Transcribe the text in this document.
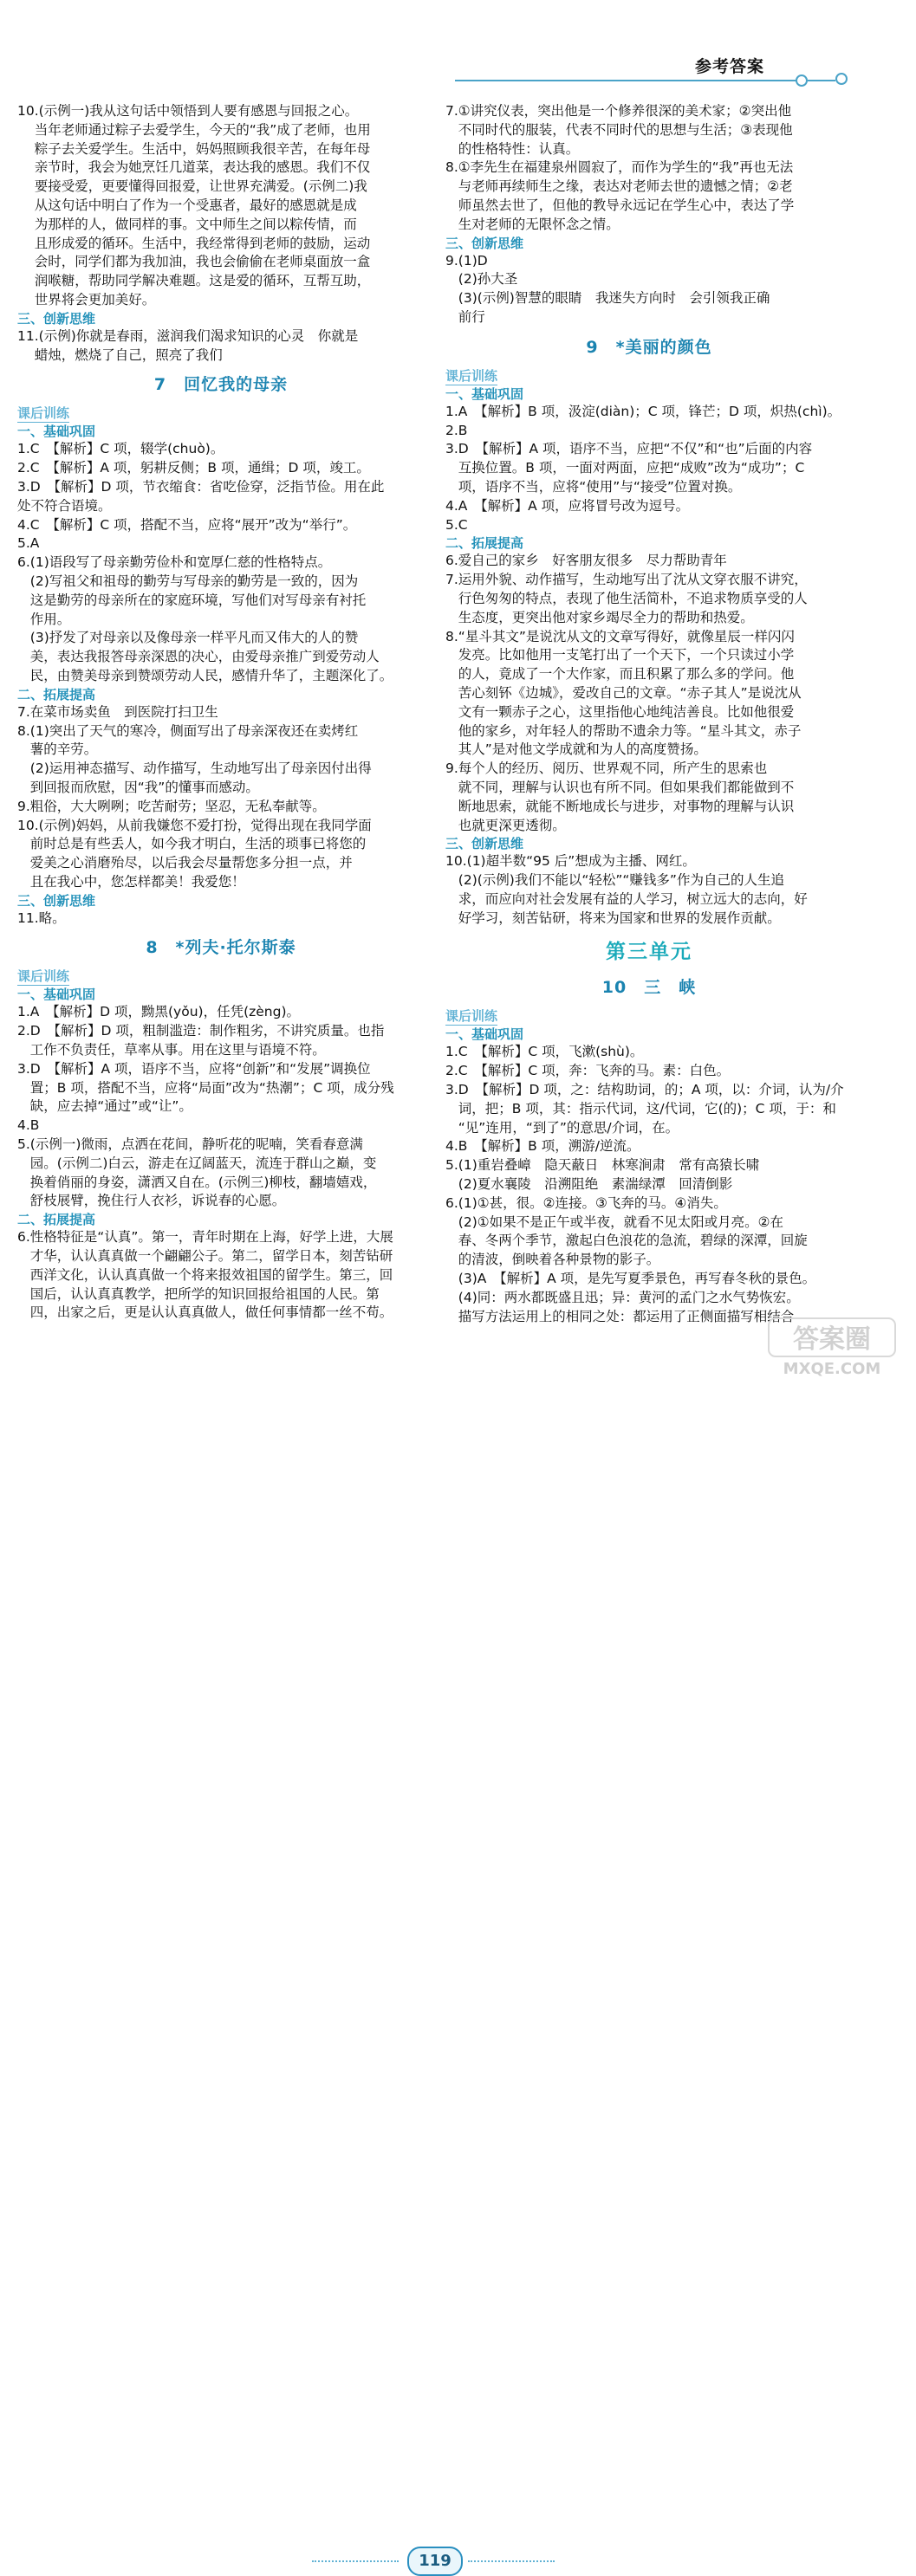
参考答案
10.(示例一)我从这句话中领悟到人要有感恩与回报之心。
当年老师通过粽子去爱学生，今天的“我”成了老师，也用
粽子去关爱学生。生活中，妈妈照顾我很辛苦，在每年母
亲节时，我会为她烹饪几道菜，表达我的感恩。我们不仅
要接受爱，更要懂得回报爱，让世界充满爱。(示例二)我
从这句话中明白了作为一个受惠者，最好的感恩就是成
为那样的人，做同样的事。文中师生之间以粽传情，而
且形成爱的循环。生活中，我经常得到老师的鼓励，运动
会时，同学们都为我加油，我也会偷偷在老师桌面放一盒
润喉糖，帮助同学解决难题。这是爱的循环，互帮互助，
世界将会更加美好。
三、创新思维
11.(示例)你就是春雨，滋润我们渴求知识的心灵　你就是
蜡烛，燃烧了自己，照亮了我们
7　回忆我的母亲
课后训练
一、基础巩固
1.C　【解析】C 项，辍学(chuò)。
2.C　【解析】A 项，躬耕反侧；B 项，通缉；D 项，竣工。
3.D　【解析】D 项，节衣缩食：省吃俭穿，泛指节俭。用在此
处不符合语境。
4.C　【解析】C 项，搭配不当，应将“展开”改为“举行”。
5.A
6.(1)语段写了母亲勤劳俭朴和宽厚仁慈的性格特点。
(2)写祖父和祖母的勤劳与写母亲的勤劳是一致的，因为
这是勤劳的母亲所在的家庭环境，写他们对写母亲有衬托
作用。
(3)抒发了对母亲以及像母亲一样平凡而又伟大的人的赞
美，表达我报答母亲深恩的决心，由爱母亲推广到爱劳动人
民，由赞美母亲到赞颂劳动人民，感情升华了，主题深化了。
二、拓展提高
7.在菜市场卖鱼　到医院打扫卫生
8.(1)突出了天气的寒冷，侧面写出了母亲深夜还在卖烤红
薯的辛劳。
(2)运用神态描写、动作描写，生动地写出了母亲因付出得
到回报而欣慰，因“我”的懂事而感动。
9.粗俗，大大咧咧；吃苦耐劳；坚忍，无私奉献等。
10.(示例)妈妈，从前我嫌您不爱打扮，觉得出现在我同学面
前时总是有些丢人，如今我才明白，生活的琐事已将您的
爱美之心消磨殆尽，以后我会尽量帮您多分担一点，并
且在我心中，您怎样都美！我爱您！
三、创新思维
11.略。
8　*列夫·托尔斯泰
课后训练
一、基础巩固
1.A　【解析】D 项，黝黑(yǒu)，任凭(zèng)。
2.D　【解析】D 项，粗制滥造：制作粗劣，不讲究质量。也指
工作不负责任，草率从事。用在这里与语境不符。
3.D　【解析】A 项，语序不当，应将“创新”和“发展”调换位
置；B 项，搭配不当，应将“局面”改为“热潮”；C 项，成分残
缺，应去掉“通过”或“让”。
4.B
5.(示例一)微雨，点洒在花间，静听花的呢喃，笑看春意满
园。(示例二)白云，游走在辽阔蓝天，流连于群山之巅，变
换着俏丽的身姿，潇洒又自在。(示例三)柳枝，翻墙嬉戏，
舒枝展臂，挽住行人衣衫，诉说春的心愿。
二、拓展提高
6.性格特征是“认真”。第一，青年时期在上海，好学上进，大展
才华，认认真真做一个翩翩公子。第二，留学日本，刻苦钻研
西洋文化，认认真真做一个将来报效祖国的留学生。第三，回
国后，认认真真教学，把所学的知识回报给祖国的人民。第
四，出家之后，更是认认真真做人，做任何事情都一丝不苟。
7.①讲究仪表，突出他是一个修养很深的美术家；②突出他
不同时代的服装，代表不同时代的思想与生活；③表现他
的性格特性：认真。
8.①李先生在福建泉州圆寂了，而作为学生的“我”再也无法
与老师再续师生之缘，表达对老师去世的遗憾之情；②老
师虽然去世了，但他的教导永远记在学生心中，表达了学
生对老师的无限怀念之情。
三、创新思维
9.(1)D
(2)孙大圣
(3)(示例)智慧的眼睛　我迷失方向时　会引领我正确
前行
9　*美丽的颜色
课后训练
一、基础巩固
1.A　【解析】B 项，汲淀(diàn)；C 项，锋芒；D 项，炽热(chì)。
2.B
3.D　【解析】A 项，语序不当，应把“不仅”和“也”后面的内容
互换位置。B 项，一面对两面，应把“成败”改为“成功”；C
项，语序不当，应将“使用”与“接受”位置对换。
4.A　【解析】A 项，应将冒号改为逗号。
5.C
二、拓展提高
6.爱自己的家乡　好客朋友很多　尽力帮助青年
7.运用外貌、动作描写，生动地写出了沈从文穿衣服不讲究，
行色匆匆的特点，表现了他生活简朴，不追求物质享受的人
生态度，更突出他对家乡竭尽全力的帮助和热爱。
8.“星斗其文”是说沈从文的文章写得好，就像星辰一样闪闪
发亮。比如他用一支笔打出了一个天下，一个只读过小学
的人，竟成了一个大作家，而且积累了那么多的学问。他
苦心刻钚《边城》，爱改自己的文章。“赤子其人”是说沈从
文有一颗赤子之心，这里指他心地纯洁善良。比如他很爱
他的家乡，对年轻人的帮助不遗余力等。“星斗其文，赤子
其人”是对他文学成就和为人的高度赞扬。
9.每个人的经历、阅历、世界观不同，所产生的思索也
就不同，理解与认识也有所不同。但如果我们都能做到不
断地思索，就能不断地成长与进步，对事物的理解与认识
也就更深更透彻。
三、创新思维
10.(1)超半数“95 后”想成为主播、网红。
(2)(示例)我们不能以“轻松”“赚钱多”作为自己的人生追
求，而应向对社会发展有益的人学习，树立远大的志向，好
好学习，刻苦钻研，将来为国家和世界的发展作贡献。
第三单元
10　三　峡
课后训练
一、基础巩固
1.C　【解析】C 项，飞漱(shù)。
2.C　【解析】C 项，奔：飞奔的马。素：白色。
3.D　【解析】D 项，之：结构助词，的；A 项，以：介词，认为/介
词，把；B 项，其：指示代词，这/代词，它(的)；C 项，于：和
“见”连用，“到了”的意思/介词，在。
4.B　【解析】B 项，溯游/逆流。
5.(1)重岩叠嶂　隐天蔽日　林寒涧肃　常有高猿长啸
(2)夏水襄陵　沿溯阻绝　素湍绿潭　回清倒影
6.(1)①甚，很。②连接。③飞奔的马。④消失。
(2)①如果不是正午或半夜，就看不见太阳或月亮。②在
春、冬两个季节，激起白色浪花的急流，碧绿的深潭，回旋
的清波，倒映着各种景物的影子。
(3)A　【解析】A 项，是先写夏季景色，再写春冬秋的景色。
(4)同：两水都既盛且迅；异：黄河的孟门之水气势恢宏。
描写方法运用上的相同之处：都运用了正侧面描写相结合
119
答案圈
MXQE.COM
